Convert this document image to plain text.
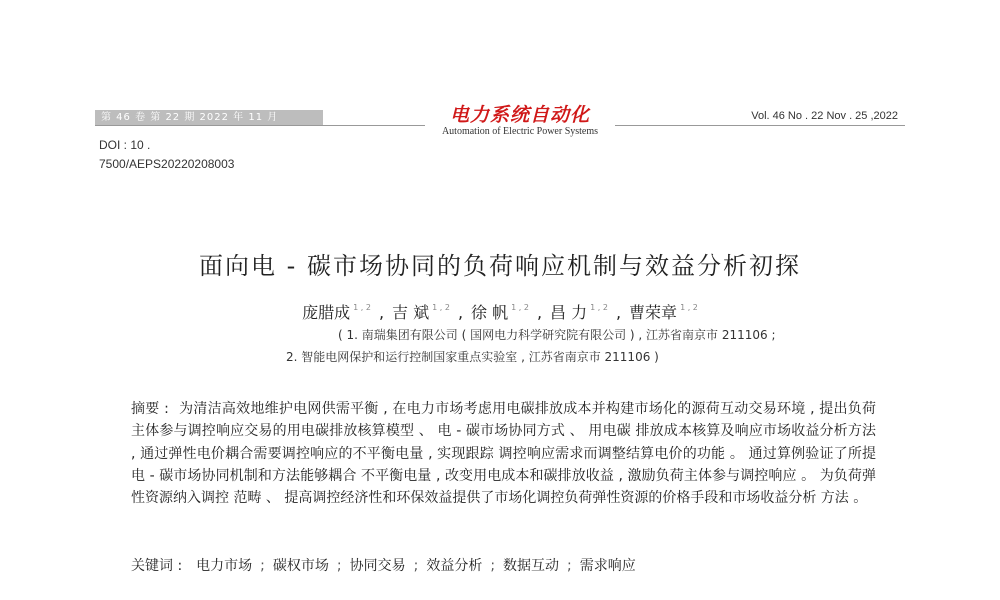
第 46 卷 第 22 期 2022 年 11 月	电力系统自动化
Automation of Electric Power Systems
Vol. 46 No . 22 Nov . 25 ,2022
DOI : 10 .
7500/AEPS20220208003
面向电 - 碳市场协同的负荷响应机制与效益分析初探
庞腊成 $^{1 , 2}$ , 吉 斌 $^{1 , 2}$ , 徐 帆 $^{1 , 2}$ , 昌 力 $^{1 , 2}$ , 曹荣章 $^{1 , 2}$
( 1. 南瑞集团有限公司 ( 国网电力科学研究院有限公司 ) , 江苏省南京市 211106 ;
2. 智能电网保护和运行控制国家重点实验室 , 江苏省南京市 211106 )
摘要 : 为清洁高效地维护电网供需平衡 , 在电力市场考虑用电碳排放成本并构建市场化的源荷互动交易环境 , 提出负荷主体参与调控响应交易的用电碳排放核算模型 、 电 - 碳市场协同方式 、 用电碳 排放成本核算及响应市场收益分析方法 , 通过弹性电价耦合需要调控响应的不平衡电量 , 实现跟踪 调控响应需求而调整结算电价的功能 。 通过算例验证了所提电 - 碳市场协同机制和方法能够耦合 不平衡电量 , 改变用电成本和碳排放收益 , 激励负荷主体参与调控响应 。 为负荷弹性资源纳入调控 范畴 、 提高调控经济性和环保效益提供了市场化调控负荷弹性资源的价格手段和市场收益分析 方法 。
关键词 : 电力市场 ; 碳权市场 ; 协同交易 ; 效益分析 ; 数据互动 ; 需求响应
